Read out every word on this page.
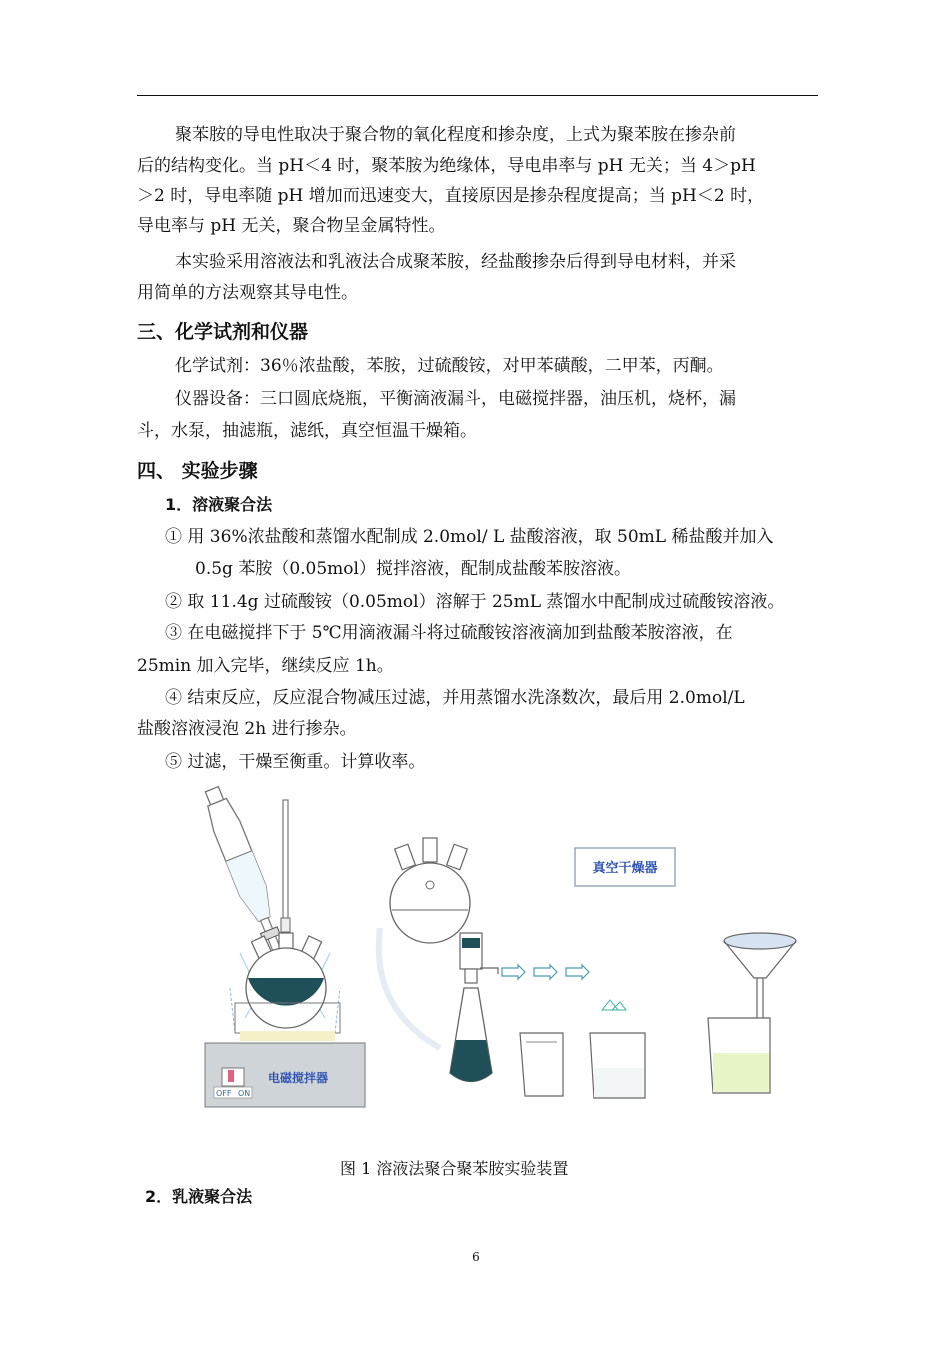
聚苯胺的导电性取决于聚合物的氧化程度和掺杂度，上式为聚苯胺在掺杂前
后的结构变化。当 pH＜4 时，聚苯胺为绝缘体，导电串率与 pH 无关；当 4＞pH
＞2 时，导电率随 pH 增加而迅速变大，直接原因是掺杂程度提高；当 pH＜2 时，
导电率与 pH 无关，聚合物呈金属特性。
本实验采用溶液法和乳液法合成聚苯胺，经盐酸掺杂后得到导电材料，并采
用简单的方法观察其导电性。
三、化学试剂和仪器
化学试剂：36％浓盐酸，苯胺，过硫酸铵，对甲苯磺酸，二甲苯，丙酮。
仪器设备：三口圆底烧瓶，平衡滴液漏斗，电磁搅拌器，油压机，烧杯，漏
斗，水泵，抽滤瓶，滤纸，真空恒温干燥箱。
四、 实验步骤
1．溶液聚合法
① 用 36%浓盐酸和蒸馏水配制成 2.0mol/ L 盐酸溶液，取 50mL 稀盐酸并加入
0.5g 苯胺（0.05mol）搅拌溶液，配制成盐酸苯胺溶液。
② 取 11.4g 过硫酸铵（0.05mol）溶解于 25mL 蒸馏水中配制成过硫酸铵溶液。
③ 在电磁搅拌下于 5℃用滴液漏斗将过硫酸铵溶液滴加到盐酸苯胺溶液，在
25min 加入完毕，继续反应 1h。
④ 结束反应，反应混合物减压过滤，并用蒸馏水洗涤数次，最后用 2.0mol/L
盐酸溶液浸泡 2h 进行掺杂。
⑤ 过滤，干燥至衡重。计算收率。
OFF ON
电磁搅拌器
真空干燥器
图 1 溶液法聚合聚苯胺实验装置
2．乳液聚合法
6
